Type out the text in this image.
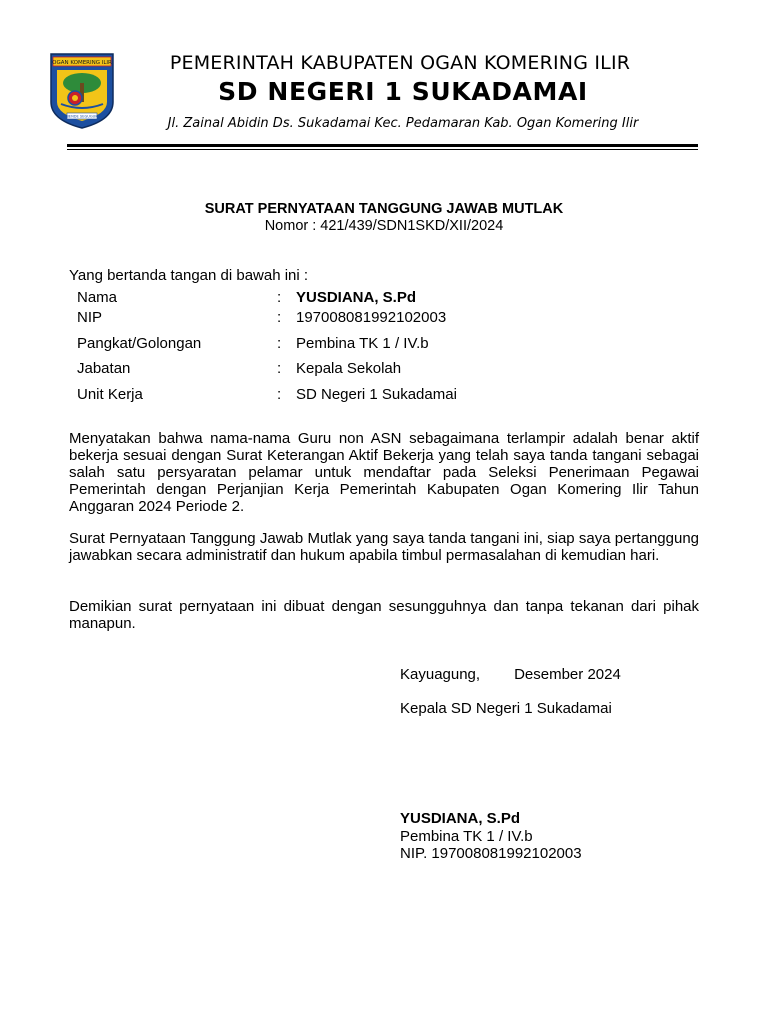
OGAN KOMERING ILIR
BENDE SEGUGUK
PEMERINTAH KABUPATEN OGAN KOMERING ILIR
SD NEGERI 1 SUKADAMAI
Jl. Zainal Abidin Ds. Sukadamai Kec. Pedamaran Kab. Ogan Komering Ilir
SURAT PERNYATAAN TANGGUNG JAWAB MUTLAK
Nomor : 421/439/SDN1SKD/XII/2024
Yang bertanda tangan di bawah ini :
Nama	: YUSDIANA, S.Pd
NIP	: 197008081992102003
Pangkat/Golongan	: Pembina TK 1 / IV.b
Jabatan	: Kepala Sekolah
Unit Kerja	: SD Negeri 1 Sukadamai
Menyatakan bahwa nama-nama Guru non ASN sebagaimana terlampir adalah benar aktif bekerja sesuai dengan Surat Keterangan Aktif Bekerja yang telah saya tanda tangani sebagai salah satu persyaratan pelamar untuk mendaftar pada Seleksi Penerimaan Pegawai Pemerintah dengan Perjanjian Kerja Pemerintah Kabupaten Ogan Komering Ilir Tahun Anggaran 2024 Periode 2.
Surat Pernyataan Tanggung Jawab Mutlak yang saya tanda tangani ini, siap saya pertanggung jawabkan secara administratif dan hukum apabila timbul permasalahan di kemudian hari.
Demikian surat pernyataan ini dibuat dengan sesungguhnya dan tanpa tekanan dari pihak manapun.
Kayuagung, Desember 2024
Kepala SD Negeri 1 Sukadamai
YUSDIANA, S.Pd
Pembina TK 1 / IV.b
NIP. 197008081992102003
